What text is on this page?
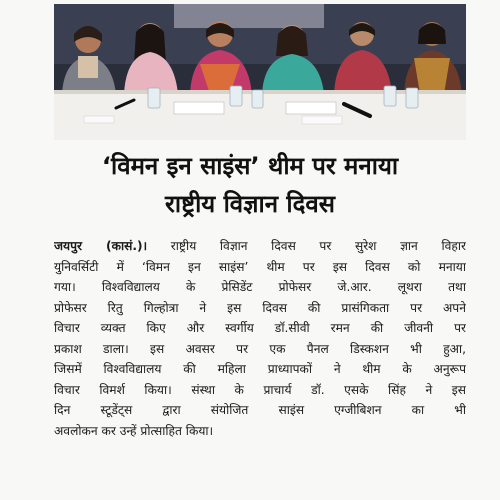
‘विमन इन साइंस’ थीम पर मनाया
राष्ट्रीय विज्ञान दिवस
जयपुर (कासं.)। राष्ट्रीय विज्ञान दिवस पर सुरेश ज्ञान विहार
युनिवर्सिटी में ‘विमन इन साइंस’ थीम पर इस दिवस को मनाया
गया। विश्वविद्यालय के प्रेसिडेंट प्रोफेसर जे.आर. लूथरा तथा
प्रोफेसर रितु गिल्होत्रा ने इस दिवस की प्रासंगिकता पर अपने
विचार व्यक्त किए और स्वर्गीय डॉ.सीवी रमन की जीवनी पर
प्रकाश डाला। इस अवसर पर एक पैनल डिस्कशन भी हुआ,
जिसमें विश्वविद्यालय की महिला प्राध्यापकों ने थीम के अनुरूप
विचार विमर्श किया। संस्था के प्राचार्य डॉ. एसके सिंह ने इस
दिन स्टूडेंट्स द्वारा संयोजित साइंस एग्जीबिशन का भी
अवलोकन कर उन्हें प्रोत्साहित किया।
